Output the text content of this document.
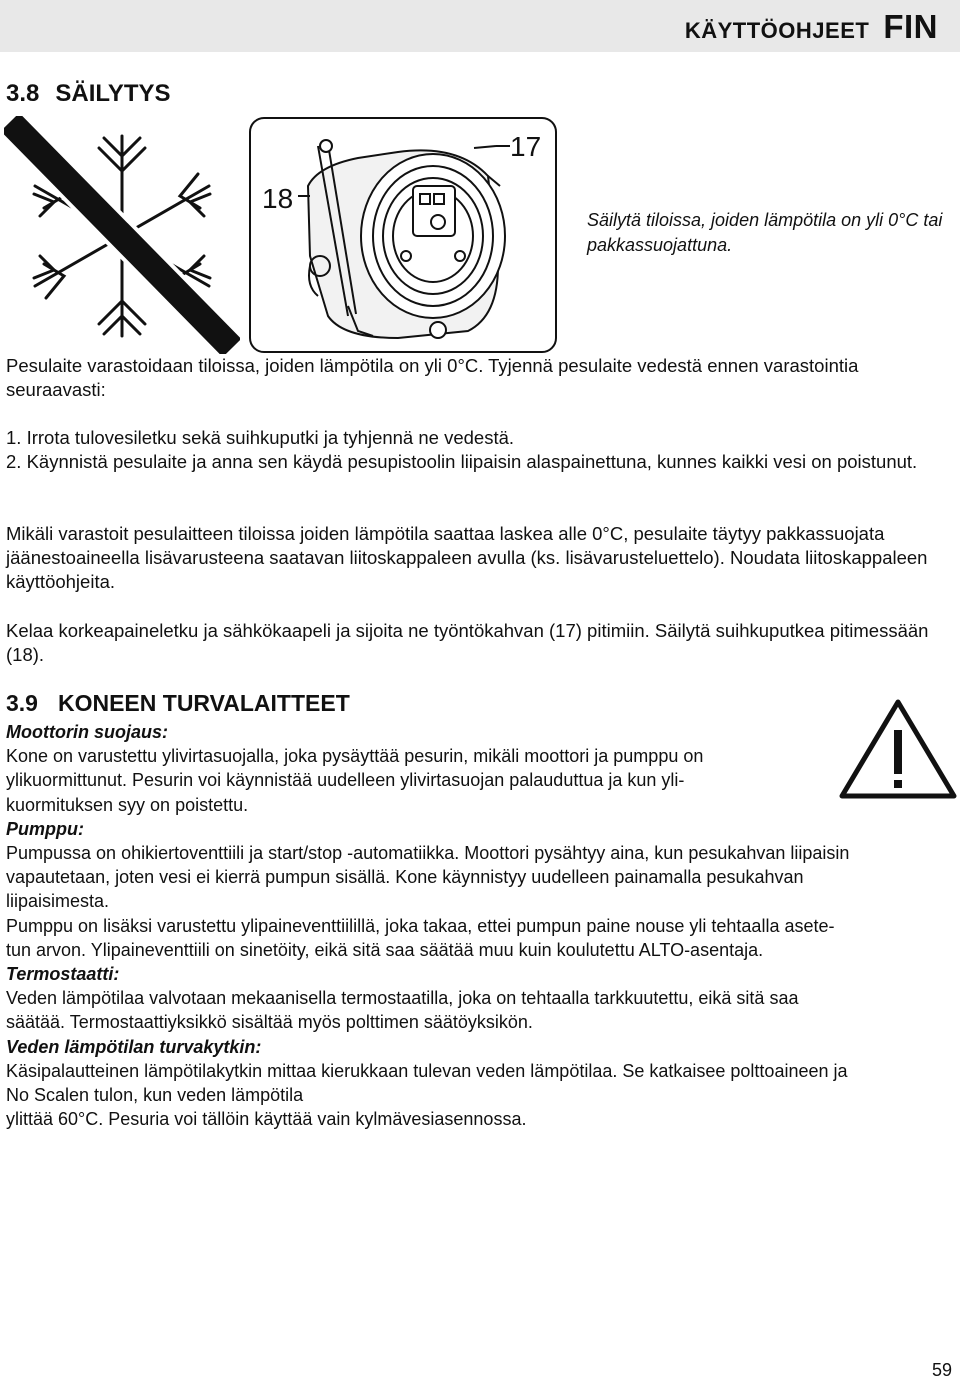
KÄYTTÖOHJEET FIN
3.8 SÄILYTYS
17
18
Säilytä tiloissa, joiden lämpötila on yli 0°C tai pakkassuojattuna.
Pesulaite varastoidaan tiloissa, joiden lämpötila on yli 0°C. Tyjennä pesulaite vedestä ennen varastointia seuraavasti:
1. Irrota tulovesiletku sekä suihkuputki ja tyhjennä ne vedestä.
2. Käynnistä pesulaite ja anna sen käydä pesupistoolin liipaisin alaspainettuna, kunnes kaikki vesi on poistunut.
Mikäli varastoit pesulaitteen tiloissa joiden lämpötila saattaa laskea alle 0°C, pesulaite täytyy pakkassuojata jäänestoaineella lisävarusteena saatavan liitoskappaleen avulla (ks. lisävarusteluettelo). Noudata liitoskappaleen käyttöohjeita.
Kelaa korkeapaineletku ja sähkökaapeli ja sijoita ne työntökahvan (17) pitimiin. Säilytä suihkuputkea pitimessään (18).
3.9 KONEEN TURVALAITTEET

Moottorin suojaus:

Kone on varustettu ylivirtasuojalla, joka pysäyttää pesurin, mikäli moottori ja pumppu on

ylikuormittunut. Pesurin voi käynnistää uudelleen ylivirtasuojan palauduttua ja kun yli-

kuormituksen syy on poistettu.

Pumppu:

Pumpussa on ohikiertoventtiili ja start/stop -automatiikka. Moottori pysähtyy aina, kun pesukahvan liipaisin

vapautetaan, joten vesi ei kierrä pumpun sisällä. Kone käynnistyy uudelleen painamalla pesukahvan

liipaisimesta.

Pumppu on lisäksi varustettu ylipaineventtiilillä, joka takaa, ettei pumpun paine nouse yli tehtaalla asete-

tun arvon. Ylipaineventtiili on sinetöity, eikä sitä saa säätää muu kuin koulutettu ALTO-asentaja.

Termostaatti:

Veden lämpötilaa valvotaan mekaanisella termostaatilla, joka on tehtaalla tarkkuutettu, eikä sitä saa

säätää. Termostaattiyksikkö sisältää myös polttimen säätöyksikön.

Veden lämpötilan turvakytkin:

Käsipalautteinen lämpötilakytkin mittaa kierukkaan tulevan veden lämpötilaa. Se katkaisee polttoaineen ja

No Scalen tulon, kun veden lämpötila

ylittää 60°C. Pesuria voi tällöin käyttää vain kylmävesiasennossa.

59
